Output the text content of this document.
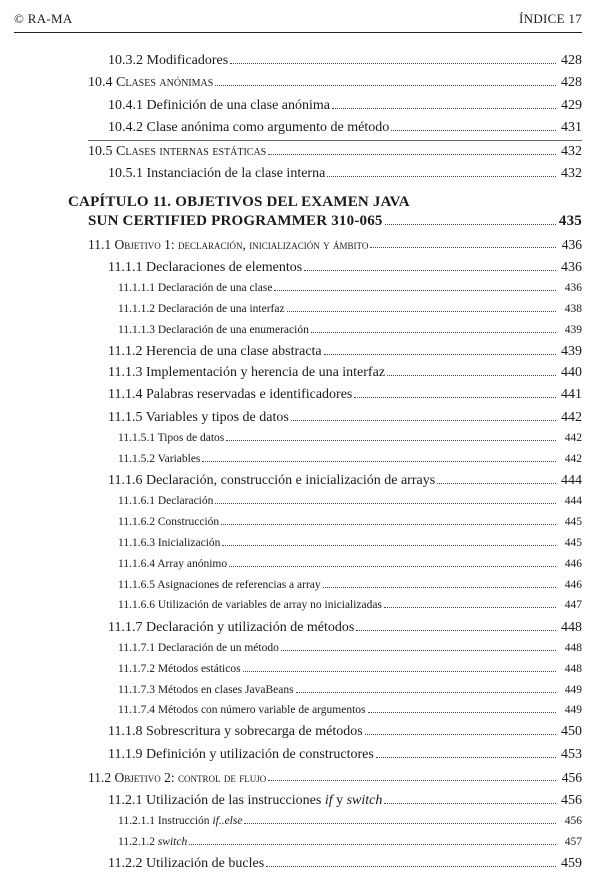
© RA-MA	ÍNDICE 17
10.3.2 Modificadores	428
10.4 Clases anónimas	428
10.4.1 Definición de una clase anónima	429
10.4.2 Clase anónima como argumento de método	431
10.5 Clases internas estáticas	432
10.5.1 Instanciación de la clase interna	432
CAPÍTULO 11. OBJETIVOS DEL EXAMEN JAVA
SUN CERTIFIED PROGRAMMER 310-065	435
11.1 Objetivo 1: declaración, inicialización y ámbito	436
11.1.1 Declaraciones de elementos	436
11.1.1.1 Declaración de una clase	436
11.1.1.2 Declaración de una interfaz	438
11.1.1.3 Declaración de una enumeración	439
11.1.2 Herencia de una clase abstracta	439
11.1.3 Implementación y herencia de una interfaz	440
11.1.4 Palabras reservadas e identificadores	441
11.1.5 Variables y tipos de datos	442
11.1.5.1 Tipos de datos	442
11.1.5.2 Variables	442
11.1.6 Declaración, construcción e inicialización de arrays	444
11.1.6.1 Declaración	444
11.1.6.2 Construcción	445
11.1.6.3 Inicialización	445
11.1.6.4 Array anónimo	446
11.1.6.5 Asignaciones de referencias a array	446
11.1.6.6 Utilización de variables de array no inicializadas	447
11.1.7 Declaración y utilización de métodos	448
11.1.7.1 Declaración de un método	448
11.1.7.2 Métodos estáticos	448
11.1.7.3 Métodos en clases JavaBeans	449
11.1.7.4 Métodos con número variable de argumentos	449
11.1.8 Sobrescritura y sobrecarga de métodos	450
11.1.9 Definición y utilización de constructores	453
11.2 Objetivo 2: control de flujo	456
11.2.1 Utilización de las instrucciones if y switch	456
11.2.1.1 Instrucción if..else	456
11.2.1.2 switch	457
11.2.2 Utilización de bucles	459
